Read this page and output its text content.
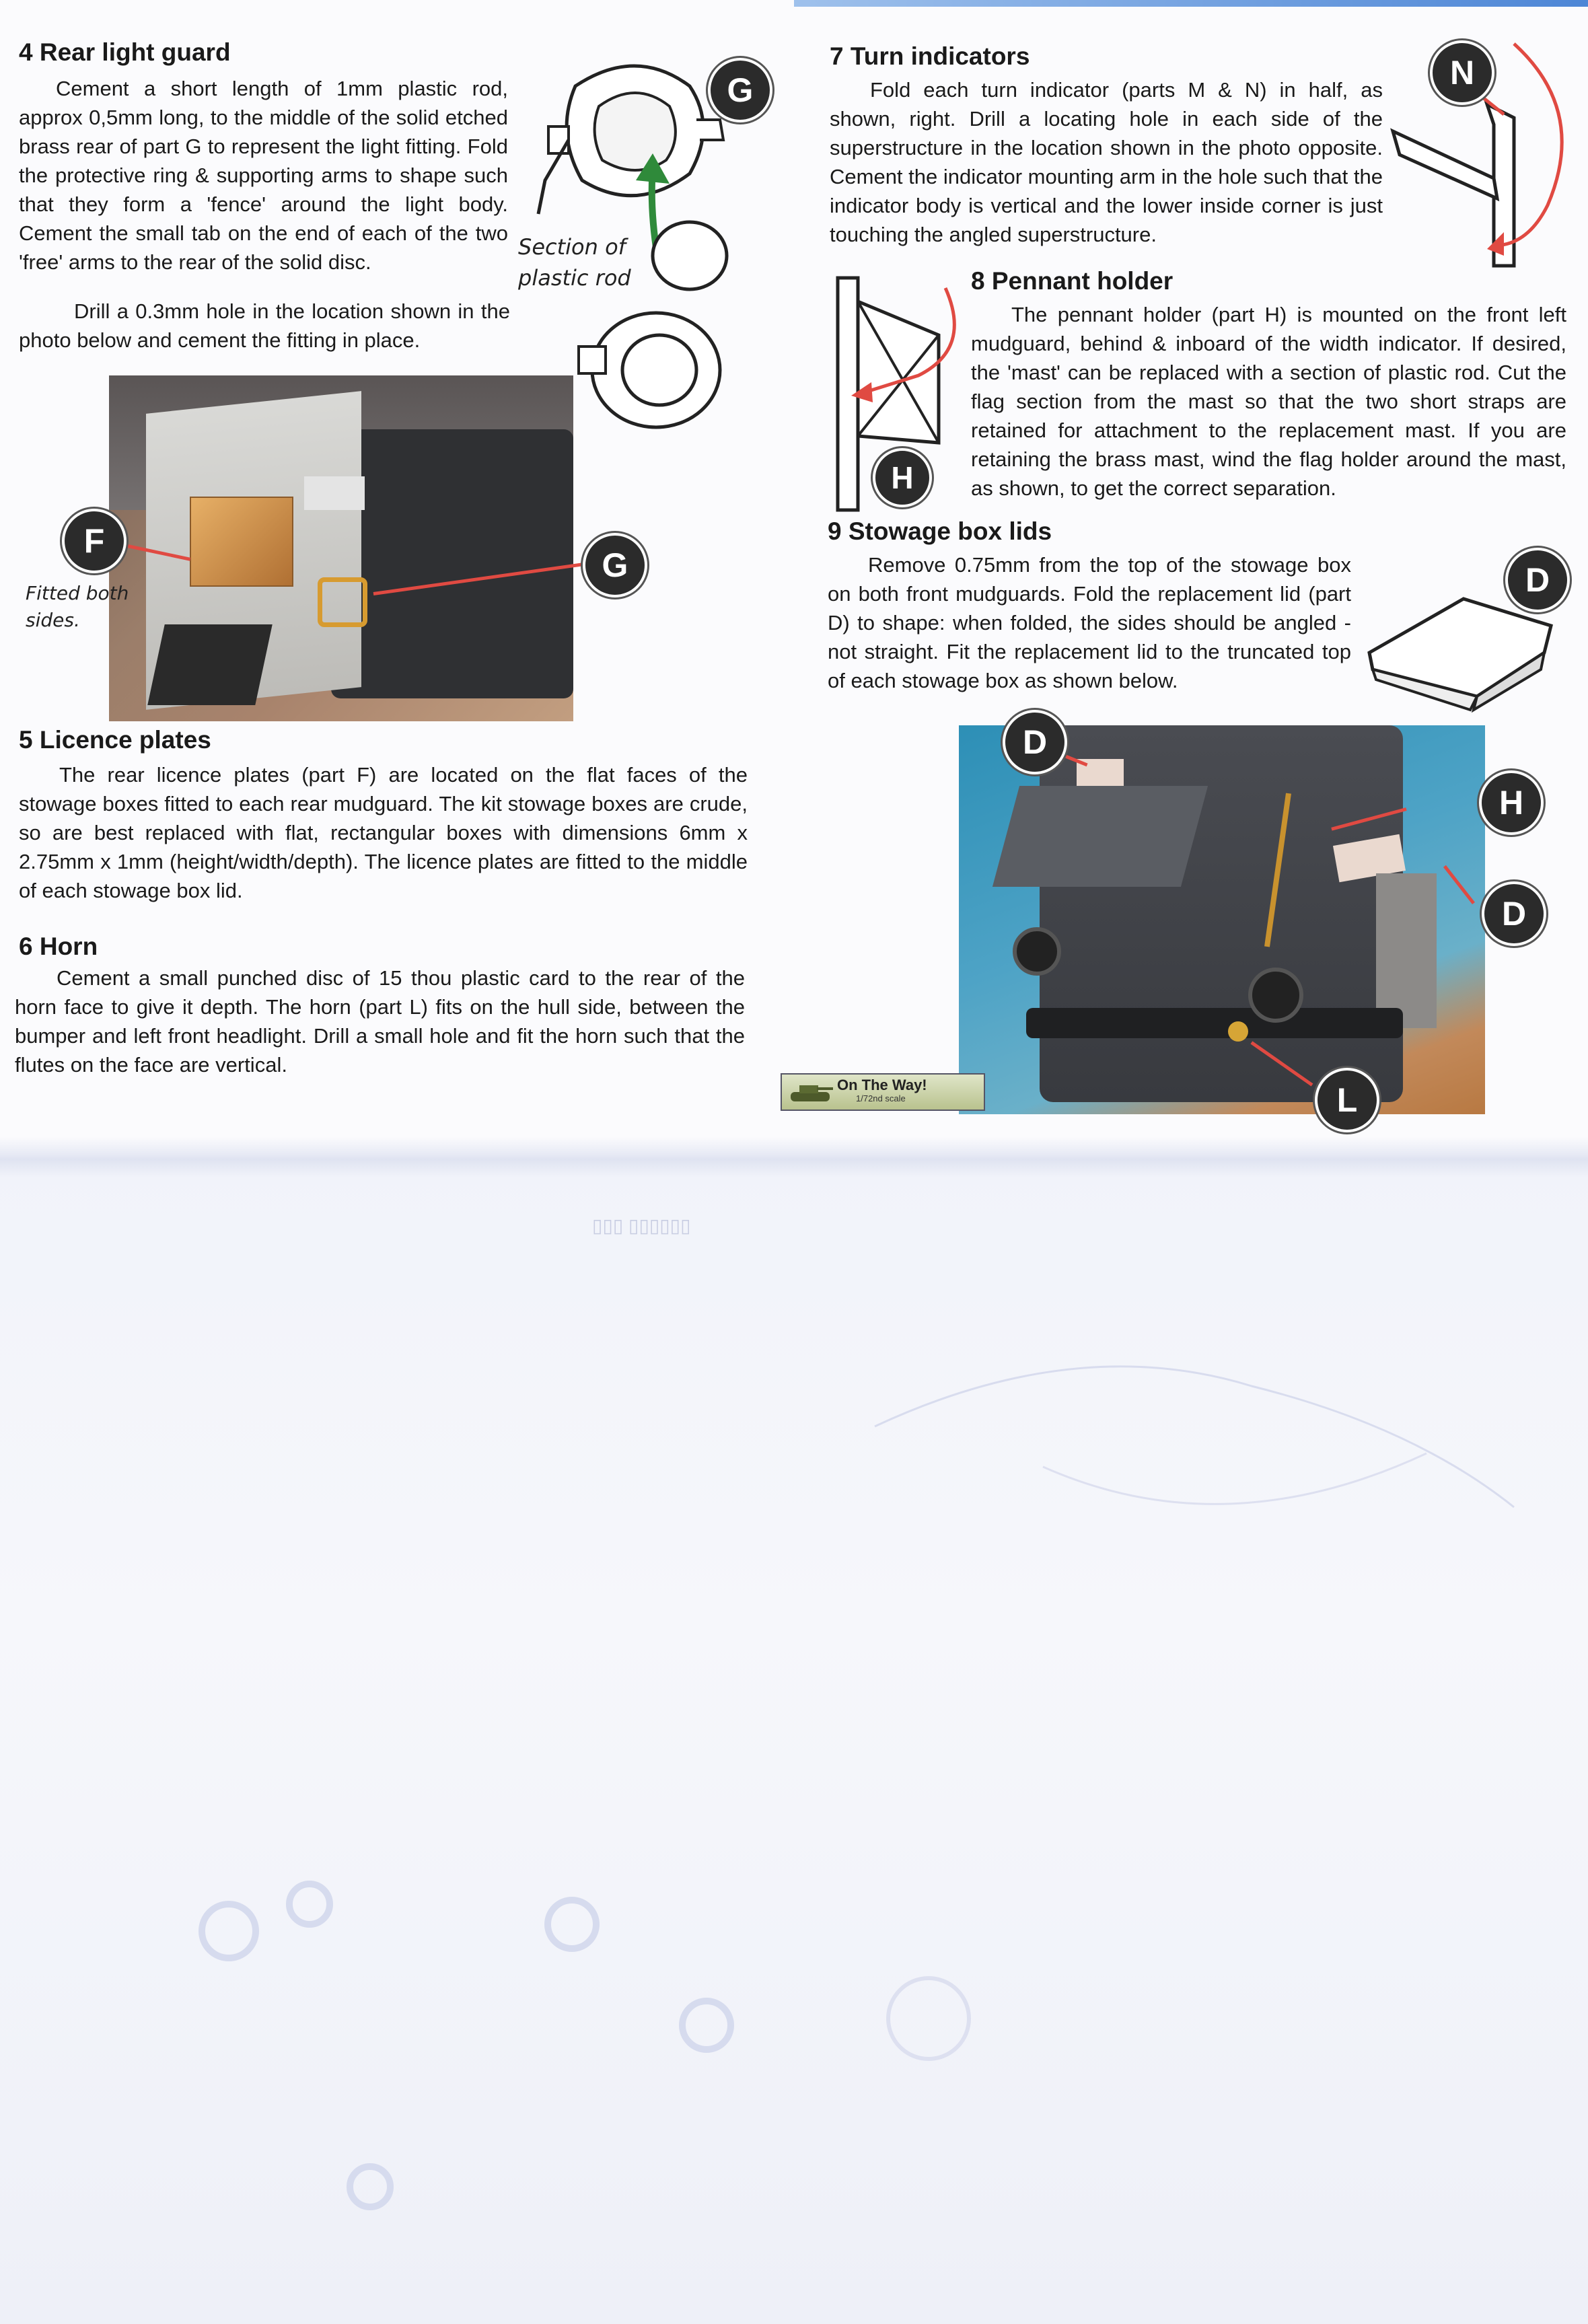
▯▯▯▯▯▯ ▯▯▯
4 Rear light guard

Cement a short length of 1mm plastic rod, approx 0,5mm long, to the middle of the solid etched brass rear of part G to represent the light fitting. Fold the protective ring & supporting arms to shape such that they form a 'fence' around the light body. Cement the small tab on the end of each of the two 'free' arms to the rear of the solid disc.

Drill a 0.3mm hole in the location shown in the photo below and cement the fitting in place.

G
Section of plastic rod
F
G
Fitted both sides.
5 Licence plates

The rear licence plates (part F) are located on the flat faces of the stowage boxes fitted to each rear mudguard. The kit stowage boxes are crude, so are best replaced with flat, rectangular boxes with dimensions 6mm x 2.75mm x 1mm (height/width/depth). The licence plates are fitted to the middle of each stowage box lid.

6 Horn

Cement a small punched disc of 15 thou plastic card to the rear of the horn face to give it depth. The horn (part L) fits on the hull side, between the bumper and left front headlight. Drill a small hole and fit the horn such that the flutes on the face are vertical.

7 Turn indicators

Fold each turn indicator (parts M & N) in half, as shown, right. Drill a locating hole in each side of the superstructure in the location shown in the photo opposite. Cement the indicator mounting arm in the hole such that the indicator body is vertical and the lower inside corner is just touching the angled superstructure.

N
8 Pennant holder

The pennant holder (part H) is mounted on the front left mudguard, behind & inboard of the width indicator. If desired, the 'mast' can be replaced with a section of plastic rod. Cut the flag section from the mast so that the two short straps are retained for attachment to the replacement mast. If you are retaining the brass mast, wind the flag holder around the mast, as shown, to get the correct separation.

H
9 Stowage box lids

Remove 0.75mm from the top of the stowage box on both front mudguards. Fold the replacement lid (part D) to shape: when folded, the sides should be angled - not straight. Fit the replacement lid to the truncated top of each stowage box as shown below.

D
D
H
D
L
On The Way!
1/72nd scale
